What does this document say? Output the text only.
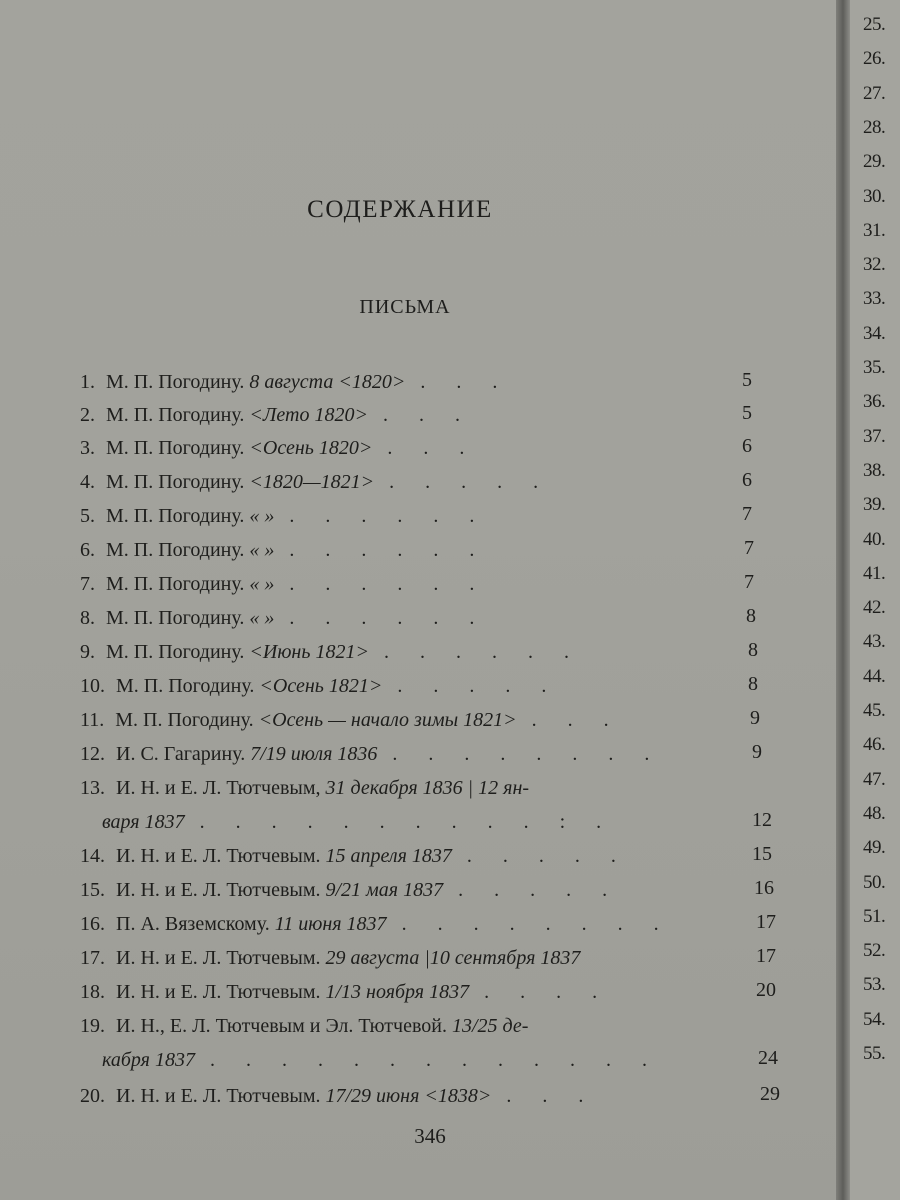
СОДЕРЖАНИЕ
ПИСЬМА
1. М. П. Погодину. 8 августа <1820> . . .	5
2. М. П. Погодину. <Лето 1820> . . .	5
3. М. П. Погодину. <Осень 1820> . . .	6
4. М. П. Погодину. <1820—1821> . . . . .	6
5. М. П. Погодину. « » . . . . . .	7
6. М. П. Погодину. « » . . . . . .	7
7. М. П. Погодину. « » . . . . . .	7
8. М. П. Погодину. « » . . . . . .	8
9. М. П. Погодину. <Июнь 1821> . . . . . .	8
10. М. П. Погодину. <Осень 1821> . . . . .	8
11. М. П. Погодину. <Осень — начало зимы 1821> . . .	9
12. И. С. Гагарину. 7/19 июля 1836 . . . . . . . .	9
13. И. Н. и Е. Л. Тютчевым, 31 декабря 1836 | 12 ян-
варя 1837 . . . . . . . . . . : .	12
14. И. Н. и Е. Л. Тютчевым. 15 апреля 1837 . . . . .	15
15. И. Н. и Е. Л. Тютчевым. 9/21 мая 1837 . . . . .	16
16. П. А. Вяземскому. 11 июня 1837 . . . . . . . .	17
17. И. Н. и Е. Л. Тютчевым. 29 августа |10 сентября 1837	17
18. И. Н. и Е. Л. Тютчевым. 1/13 ноября 1837 . . . .	20
19. И. Н., Е. Л. Тютчевым и Эл. Тютчевой. 13/25 де-
кабря 1837 . . . . . . . . . . . . .	24
20. И. Н. и Е. Л. Тютчевым. 17/29 июня <1838> . . .	29
346
25.
26.
27.
28.
29.
30.
31.
32.
33.
34.
35.
36.
37.
38.
39.
40.
41.
42.
43.
44.
45.
46.
47.
48.
49.
50.
51.
52.
53.
54.
55.
